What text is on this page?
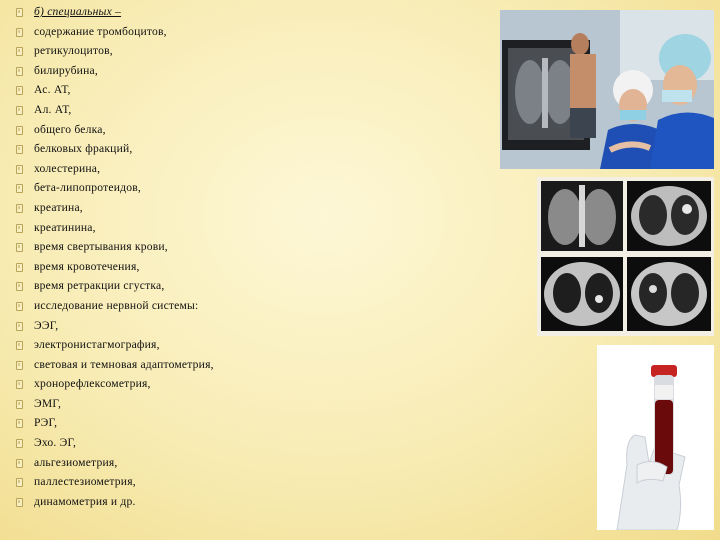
б) специальных –
содержание тромбоцитов,
ретикулоцитов,
билирубина,
Ас. АТ,
Ал. АТ,
общего белка,
белковых фракций,
холестерина,
бета-липопротеидов,
креатина,
креатинина,
время свертывания крови,
время кровотечения,
время ретракции сгустка,
исследование нервной системы:
ЭЭГ,
электронистагмография,
световая и темновая адаптометрия,
хронорефлексометрия,
ЭМГ,
РЭГ,
Эхо. ЭГ,
альгезиометрия,
паллестезиометрия,
динамометрия и др.
